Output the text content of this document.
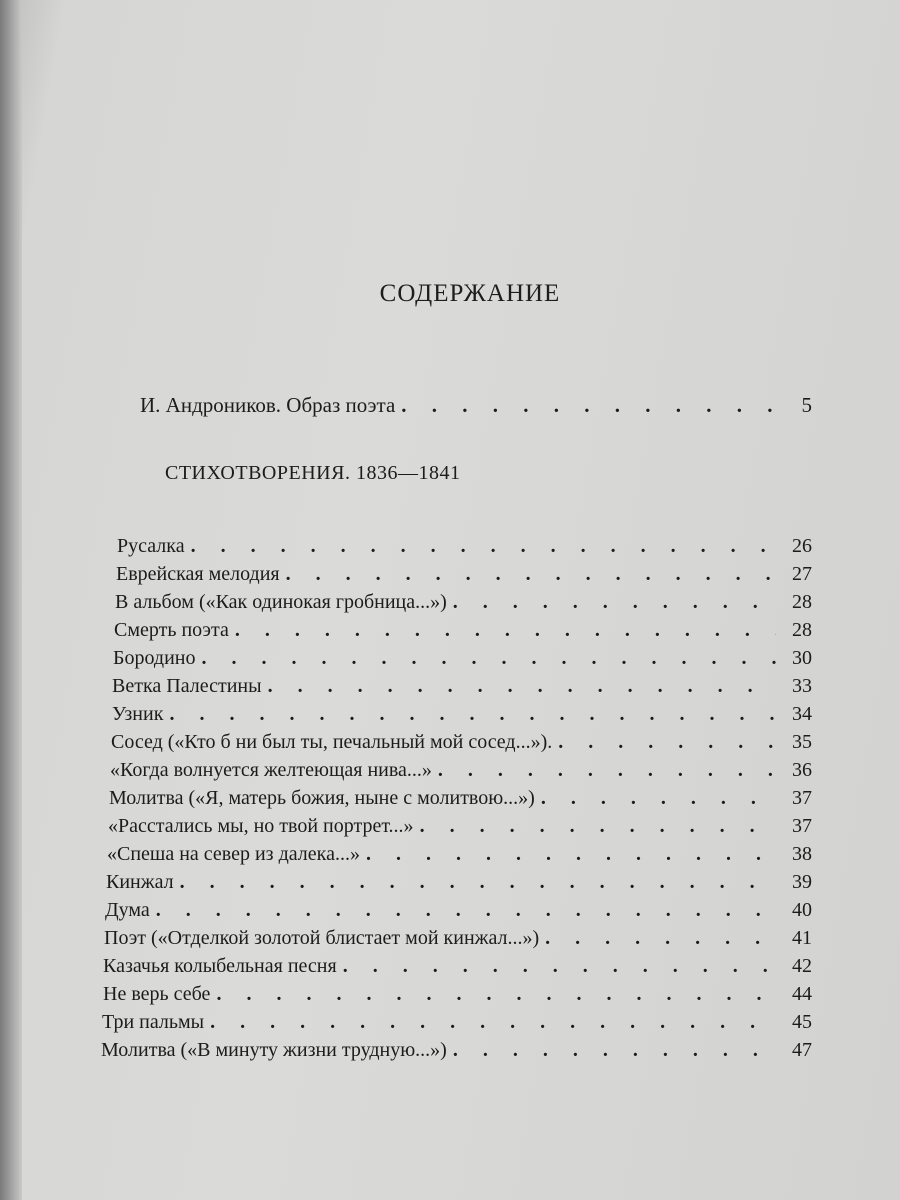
СОДЕРЖАНИЕ
И. Андроников. Образ поэта . . .	5
СТИХОТВОРЕНИЯ. 1836—1841
Русалка . . .	26
Еврейская мелодия . . .	27
В альбом («Как одинокая гробница...») . . .	28
Смерть поэта . . .	28
Бородино . . .	30
Ветка Палестины . . .	33
Узник . . .	34
Сосед («Кто б ни был ты, печальный мой сосед...»). . . .	35
«Когда волнуется желтеющая нива...» . . .	36
Молитва («Я, матерь божия, ныне с молитвою...») . . .	37
«Расстались мы, но твой портрет...» . . .	37
«Спеша на север из далека...» . . .	38
Кинжал . . .	39
Дума . . .	40
Поэт («Отделкой золотой блистает мой кинжал...») . . .	41
Казачья колыбельная песня . . .	42
Не верь себе . . .	44
Три пальмы . . .	45
Молитва («В минуту жизни трудную...») . . .	47
